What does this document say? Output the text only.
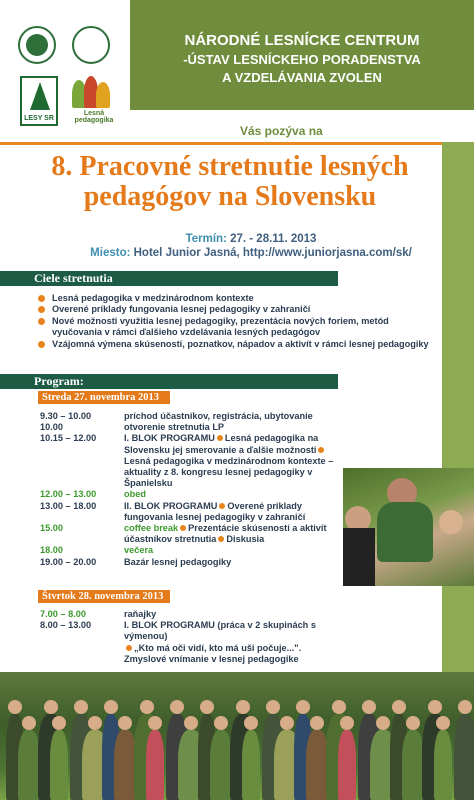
LESY SR
Lesná pedagogika
NÁRODNÉ LESNÍCKE CENTRUM
-ÚSTAV LESNÍCKEHO PORADENSTVA
A VZDELÁVANIA ZVOLEN
Vás pozýva na
8. Pracovné stretnutie lesných
pedagógov na Slovensku
Termín: 27. - 28.11. 2013
Miesto: Hotel Junior Jasná, http://www.juniorjasna.com/sk/
Ciele stretnutia
Lesná pedagogika v medzinárodnom kontexte
Overené príklady fungovania lesnej pedagogiky v zahraničí
Nové možnosti využitia lesnej pedagogiky, prezentácia nových foriem, metód vyučovania v rámci ďalšieho vzdelávania lesných pedagógov
Vzájomná výmena skúseností, poznatkov, nápadov a aktivít v rámci lesnej pedagogiky
Program:
Streda 27. novembra 2013
9.30 – 10.00	príchod účastníkov, registrácia, ubytovanie
10.00	otvorenie stretnutia LP
10.15 – 12.00	I. BLOK PROGRAMU Lesná pedagogika na Slovensku jej smerovanie a ďalšie možnostiLesná pedagogika v medzinárodnom kontexte – aktuality z 8. kongresu lesnej pedagogiky v Španielsku
12.00 – 13.00	obed
13.00 – 18.00	II. BLOK PROGRAMU Overené príklady fungovania lesnej pedagogiky v zahraničí
15.00	coffee break Prezentácie skúseností a aktivít účastníkov stretnutia Diskusia
18.00	večera
19.00 – 20.00	Bazár lesnej pedagogiky
Štvrtok 28. novembra 2013
7.00 – 8.00	raňajky
8.00 – 13.00	I. BLOK PROGRAMU (práca v 2 skupinách s výmenou)
„Kto má oči vidí, kto má uši počuje...". Zmyslové vnímanie v lesnej pedagogike
